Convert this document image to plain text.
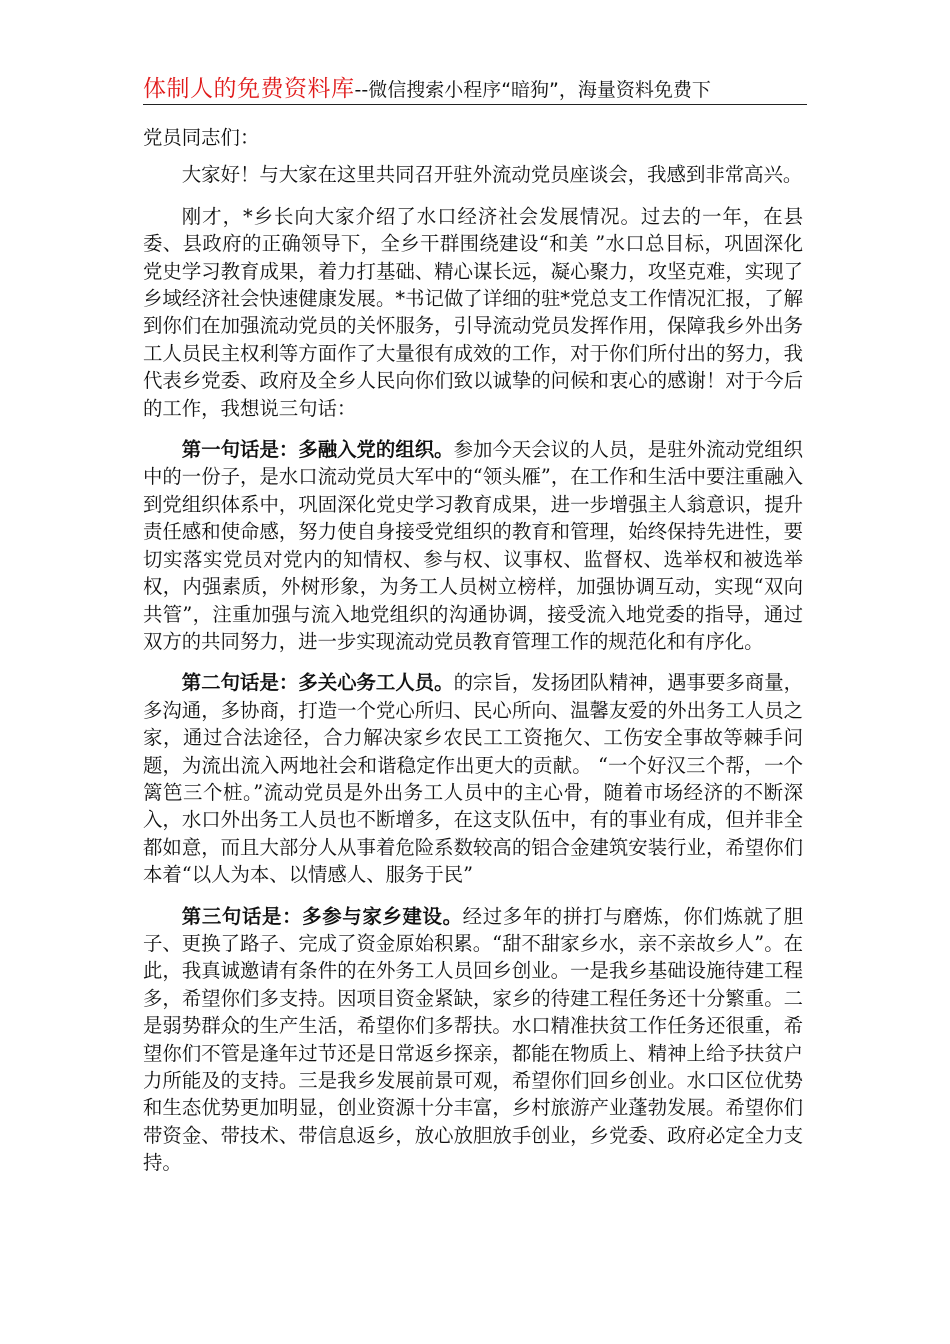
体制人的免费资料库--微信搜索小程序“暗狗”，海量资料免费下

党员同志们：

大家好！与大家在这里共同召开驻外流动党员座谈会，我感到非常高兴。

刚才，*乡长向大家介绍了水口经济社会发展情况。过去的一年，在县委、县政府的正确领导下，全乡干群围绕建设“和美 ”水口总目标，巩固深化党史学习教育成果，着力打基础、精心谋长远，凝心聚力，攻坚克难，实现了乡域经济社会快速健康发展。*书记做了详细的驻*党总支工作情况汇报，了解到你们在加强流动党员的关怀服务，引导流动党员发挥作用，保障我乡外出务工人员民主权利等方面作了大量很有成效的工作，对于你们所付出的努力，我代表乡党委、政府及全乡人民向你们致以诚挚的问候和衷心的感谢！对于今后的工作，我想说三句话：

第一句话是：多融入党的组织。参加今天会议的人员，是驻外流动党组织中的一份子，是水口流动党员大军中的“领头雁”，在工作和生活中要注重融入到党组织体系中，巩固深化党史学习教育成果，进一步增强主人翁意识，提升责任感和使命感，努力使自身接受党组织的教育和管理，始终保持先进性，要切实落实党员对党内的知情权、参与权、议事权、监督权、选举权和被选举权，内强素质，外树形象，为务工人员树立榜样，加强协调互动，实现“双向共管”，注重加强与流入地党组织的沟通协调，接受流入地党委的指导，通过双方的共同努力，进一步实现流动党员教育管理工作的规范化和有序化。

第二句话是：多关心务工人员。的宗旨，发扬团队精神，遇事要多商量，多沟通，多协商，打造一个党心所归、民心所向、温馨友爱的外出务工人员之家，通过合法途径，合力解决家乡农民工工资拖欠、工伤安全事故等棘手问题，为流出流入两地社会和谐稳定作出更大的贡献。 “一个好汉三个帮，一个篱笆三个桩。”流动党员是外出务工人员中的主心骨，随着市场经济的不断深入，水口外出务工人员也不断增多，在这支队伍中，有的事业有成，但并非全都如意，而且大部分人从事着危险系数较高的铝合金建筑安装行业，希望你们本着“以人为本、以情感人、服务于民”

第三句话是：多参与家乡建设。经过多年的拼打与磨炼，你们炼就了胆子、更换了路子、完成了资金原始积累。“甜不甜家乡水，亲不亲故乡人”。在此，我真诚邀请有条件的在外务工人员回乡创业。一是我乡基础设施待建工程多，希望你们多支持。因项目资金紧缺，家乡的待建工程任务还十分繁重。二是弱势群众的生产生活，希望你们多帮扶。水口精准扶贫工作任务还很重，希望你们不管是逢年过节还是日常返乡探亲，都能在物质上、精神上给予扶贫户力所能及的支持。三是我乡发展前景可观，希望你们回乡创业。水口区位优势和生态优势更加明显，创业资源十分丰富，乡村旅游产业蓬勃发展。希望你们带资金、带技术、带信息返乡，放心放胆放手创业，乡党委、政府必定全力支持。
